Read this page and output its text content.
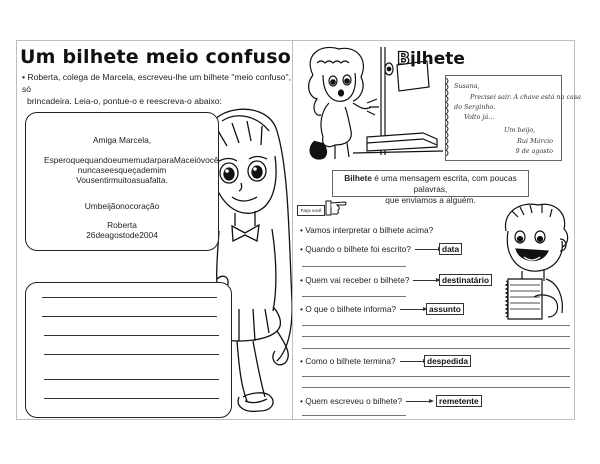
Um bilhete meio confuso
• Roberta, colega de Marcela, escreveu-lhe um bilhete "meio confuso", só
brincadeira. Leia-o, pontue-o e reescreva-o abaixo:
Amiga Marcela,
EsperoquequandoeumemudarparaMaceióvocê
nuncaseesqueçademim
Vousentirmuitoasuafalta.
Umbeijãonocoração
Roberta
26deagostode2004
Bilhete
Susana,
Precisei sair. A chave está na casa
do Serginho.
Volto já...
Um beijo,
Rui Márcio
9 de agosto
Bilhete é uma mensagem escrita, com poucas palavras,
que enviamos a alguém.
Faça você
• Vamos interpretar o bilhete acima?
• Quando o bilhete foi escrito?	data
• Quem vai receber o bilhete?	destinatário
• O que o bilhete informa?	assunto
• Como o bilhete termina?	despedida
• Quem escreveu o bilhete?	remetente
